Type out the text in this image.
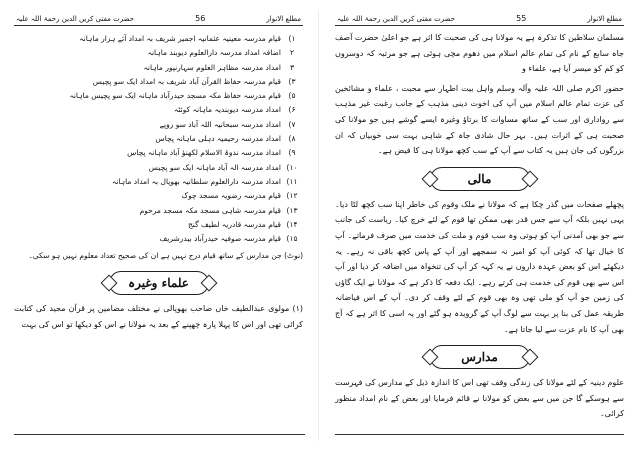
مطلع الانوار
55
حضرت مفتی کریں الدین رحمۃ اللہ علیہ

مسلمان سلاطین کا تذکرہ ہے یہ مولانا ہی کی صحبت کا اثر ہے جو اعلیٰ حضرت آصف جاہ سابع کے نام کی تمام عالم اسلام میں دھوم مچی ہوئی ہے جو مرتبہ کہ دوسروں کو کم کو میسر آیا ہے، علماء و

حضور اکرم صلی اللہ علیہ وآلہ وسلم واہل بیت اطہار سے محبت ، علماء و مشائخین کی عزت تمام عالم اسلام میں آپ کی اخوت دینی مذہب کے جانب رغبت غیر مذہب سے رواداری اور سب کے ساتھ مساوات کا برتاؤ وغیرہ ایسے گوشے ہیں جو مولانا کی صحبت ہی کے اثرات ہیں۔ بہر حال شادی جاہ کے شاہی بہت سی خوبیاں کہ ان بزرگوں کی جان ہیں یہ کتاب سے آپ کے سب کچھ مولانا ہی کا فیض ہے۔

مالی

پچھلے صفحات میں گذر چکا ہے کہ مولانا نے ملک وقوم کی خاطر اپنا سب کچھ لٹا دیا۔ یہی نہیں بلکہ آپ سے جس قدر بھی ممکن تھا قوم کے لئے خرچ کیا۔ ریاست کی جانب سے جو بھی آمدنی آپ کو ہوتی وہ سب قوم و ملت کی خدمت میں صرف فرماتے۔ آپ کا خیال تھا کہ کوئی آپ کو امیر نہ سمجھے اور آپ کے پاس کچھ باقی نہ رہے۔ یہ دیکھئے اس کو بعض عہدہ داروں نے یہ کہہ کر آپ کی تنخواہ میں اضافہ کر دیا اور آپ اس سے بھی قوم کی خدمت ہی کرتے رہے۔ ایک دفعہ کا ذکر ہے کہ مولانا نے ایک گاؤں کی زمین جو آپ کو ملی تھی وہ بھی قوم کے لئے وقف کر دی۔ آپ کے اس فیاضانہ طریقہ عمل کی بنا پر بہت سے لوگ آپ کے گرویدہ ہو گئے اور یہ اسی کا اثر ہے کہ آج بھی آپ کا نام عزت سے لیا جاتا ہے۔

مدارس

علوم دینیہ کے لئے مولانا کی زندگی وقف تھی اس کا اندازہ ذیل کے مدارس کی فہرست سے ہوسکے گا جن میں سے بعض کو مولانا نے قائم فرمایا اور بعض کے نام امداد منظور کرائی۔

مطلع الانوار
56
حضرت مفتی کریں الدین رحمۃ اللہ علیہ
۱)
قیام مدرسہ معینیہ عثمانیہ اجمیر شریف بہ امداد آئے ہزار ماہانہ
۲
اضافہ امداد مدرسہ دارالعلوم دیوبند ماہانہ
۳
امداد مدرسہ مظاہر العلوم سہارنپور ماہانہ
۳)
قیام مدرسہ حفاظ القرآن آباد شریف بہ امداد ایک سو پچیس
۵)
قیام مدرسہ حفاظ مکہ مسجد حیدرآباد ماہانہ ایک سو پچیس ماہانہ
۶)
امداد مدرسہ دیوبندیہ ماہانہ کوئٹہ
۷)
امداد مدرسہ سبحانیہ اللہ آباد سو روپے
۸)
امداد مدرسہ رحیمیہ دہلی ماہانہ پچاس
۹)
امداد مدرسہ ندوۃ الاسلام لکھنؤ آباد ماہانہ پچاس
۱۰)
امداد مدرسہ الہ آباد ماہانہ ایک سو پچیس
۱۱)
امداد مدرسہ دارالعلوم سلطانیہ بھوپال بہ امداد ماہانہ
۱۲)
قیام مدرسہ رضویہ مسجد چوک
۱۳)
قیام مدرسہ شاہی مسجد مکہ مسجد مرحوم
۱۴)
قیام مدرسہ قادریہ لطیف گنج
۱۵)
قیام مدرسہ صوفیہ حیدرآباد بیدرشریف

(نوٹ) جن مدارس کے ساتھ قیام درج نہیں ہے ان کی صحیح تعداد معلوم نہیں ہو سکی۔

علماء وغیرہ

(۱) مولوی عبدالطیف خاں صاحب بھوپالی نے مختلف مضامین پر قرآن مجید کی کتابت کرائی تھی اور اس کا پہلا پارہ چھپنے کے بعد یہ مولانا نے اس کو دیکھا تو اس کی بہت
